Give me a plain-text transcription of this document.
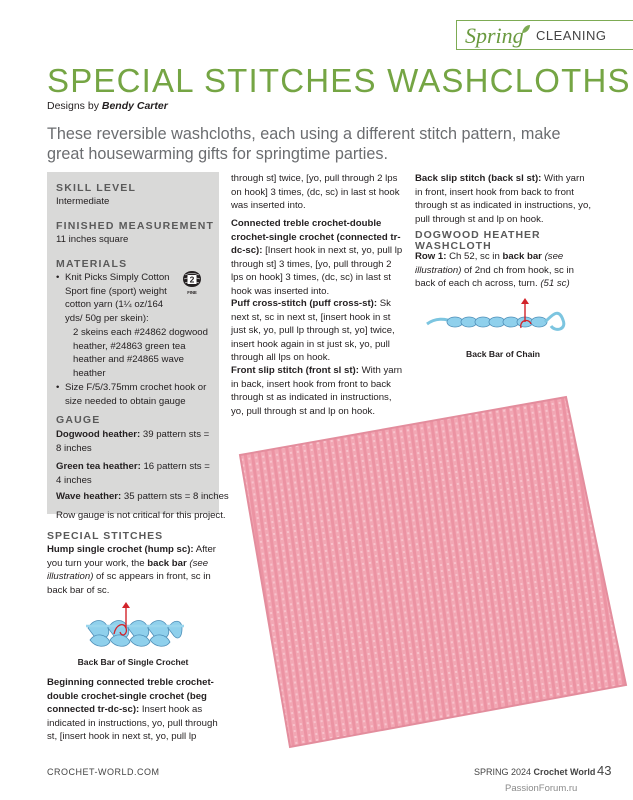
Spring CLEANING
SPECIAL STITCHES WASHCLOTHS
Designs by Bendy Carter
These reversible washcloths, each using a different stitch pattern, make great housewarming gifts for springtime parties.
SKILL LEVEL
Intermediate
FINISHED MEASUREMENT
11 inches square
MATERIALS
• Knit Picks Simply Cotton Sport fine (sport) weight cotton yarn (1¼ oz/164 yds/ 50g per skein):
2
FINE
2 skeins each #24862 dogwood heather, #24863 green tea heather and #24865 wave heather
• Size F/5/3.75mm crochet hook or size needed to obtain gauge
GAUGE
Dogwood heather: 39 pattern sts = 8 inches
Green tea heather: 16 pattern sts = 4 inches
Wave heather: 35 pattern sts = 8 inches
Row gauge is not critical for this project.
SPECIAL STITCHES
Hump single crochet (hump sc): After you turn your work, the back bar (see illustration) of sc appears in front, sc in back bar of sc.
Back Bar of Single Crochet
Beginning connected treble crochet-double crochet-single crochet (beg connected tr-dc-sc): Insert hook as indicated in instructions, yo, pull through st, [insert hook in next st, yo, pull lp
through st] twice, [yo, pull through 2 lps on hook] 3 times, (dc, sc) in last st hook was inserted into.
Connected treble crochet-double crochet-single crochet (connected tr-dc-sc): [Insert hook in next st, yo, pull lp through st] 3 times, [yo, pull through 2 lps on hook] 3 times, (dc, sc) in last st hook was inserted into.
Puff cross-stitch (puff cross-st): Sk next st, sc in next st, [insert hook in st just sk, yo, pull lp through st, yo] twice, insert hook again in st just sk, yo, pull through all lps on hook.
Front slip stitch (front sl st): With yarn in back, insert hook from front to back through st as indicated in instructions, yo, pull through st and lp on hook.
Back slip stitch (back sl st): With yarn in front, insert hook from back to front through st as indicated in instructions, yo, pull through st and lp on hook.
DOGWOOD HEATHER WASHCLOTH
Row 1: Ch 52, sc in back bar (see illustration) of 2nd ch from hook, sc in back of each ch across, turn. (51 sc)
Back Bar of Chain
CROCHET-WORLD.COM	SPRING 2024 Crochet World 43
PassionForum.ru
